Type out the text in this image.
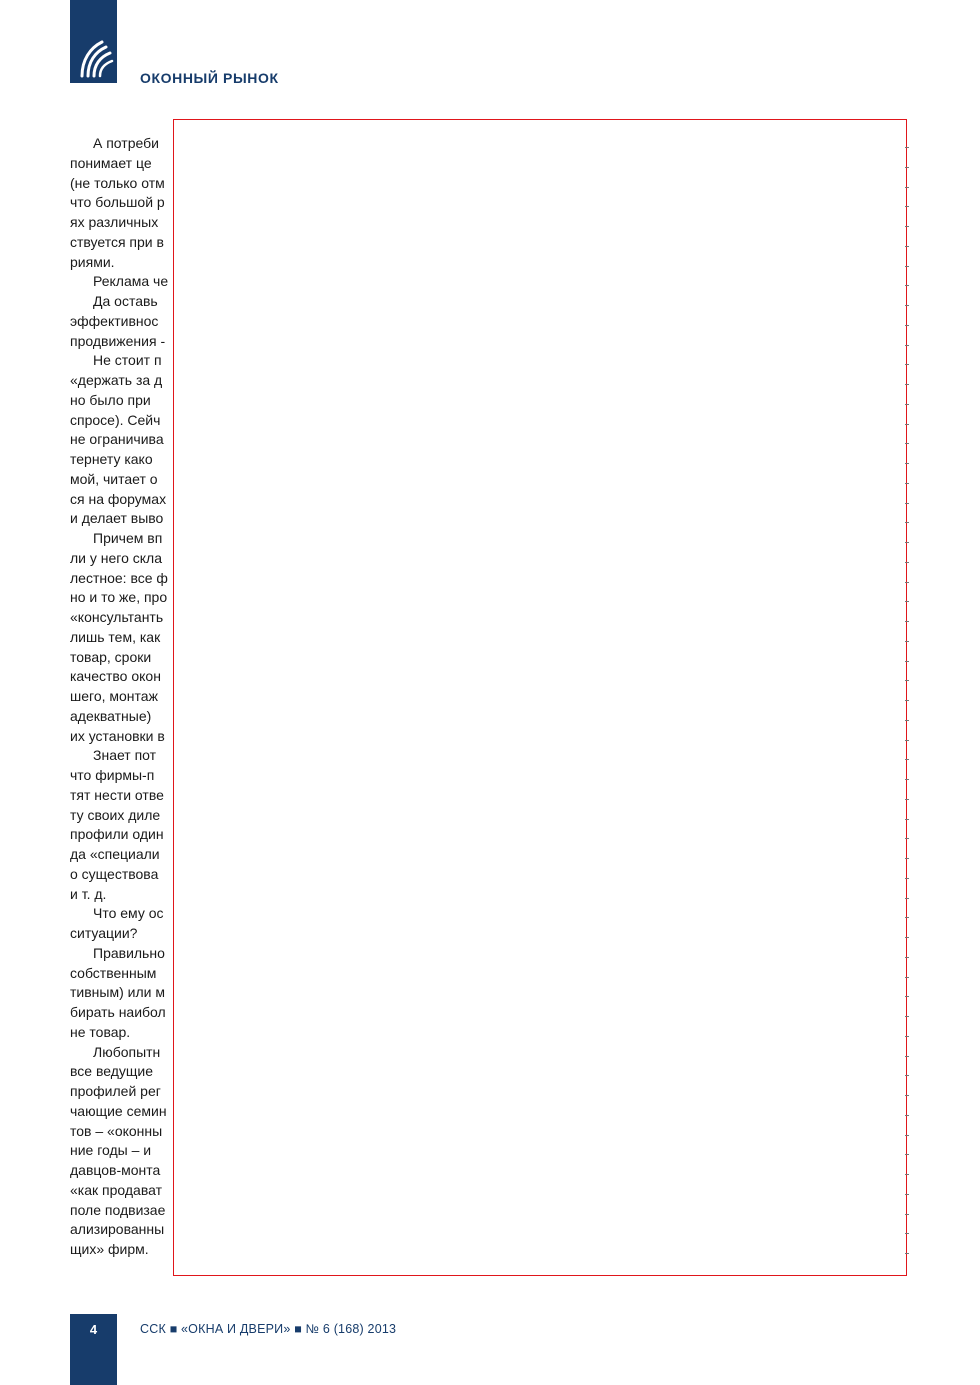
ОКОННЫЙ РЫНОК
А потреби
понимает це
(не только отм
что большой р
ях различных
ствуется при в
риями.
Реклама че
Да оставь
эффективнос
продвижения -
Не стоит п
«держать за д
но было при
спросе). Сейч
не ограничива
тернету како
мой, читает о
ся на форумах
и делает выво
Причем вп
ли у него скла
лестное: все ф
но и то же, про
«консультанть
лишь тем, как
товар, сроки
качество окон
шего, монтаж
адекватные)
их установки в
Знает пот
что фирмы-п
тят нести отве
ту своих диле
профили один
да «специали
о существова
и т. д.
Что ему ос
ситуации?
Правильно
собственным
тивным) или м
бирать наибол
не товар.
Любопытн
все ведущие
профилей рег
чающие семин
тов – «оконны
ние годы – и
давцов-монта
«как продават
поле подвизае
ализированны
щих» фирм.
4	ССК ■ «ОКНА И ДВЕРИ» ■ № 6 (168) 2013
